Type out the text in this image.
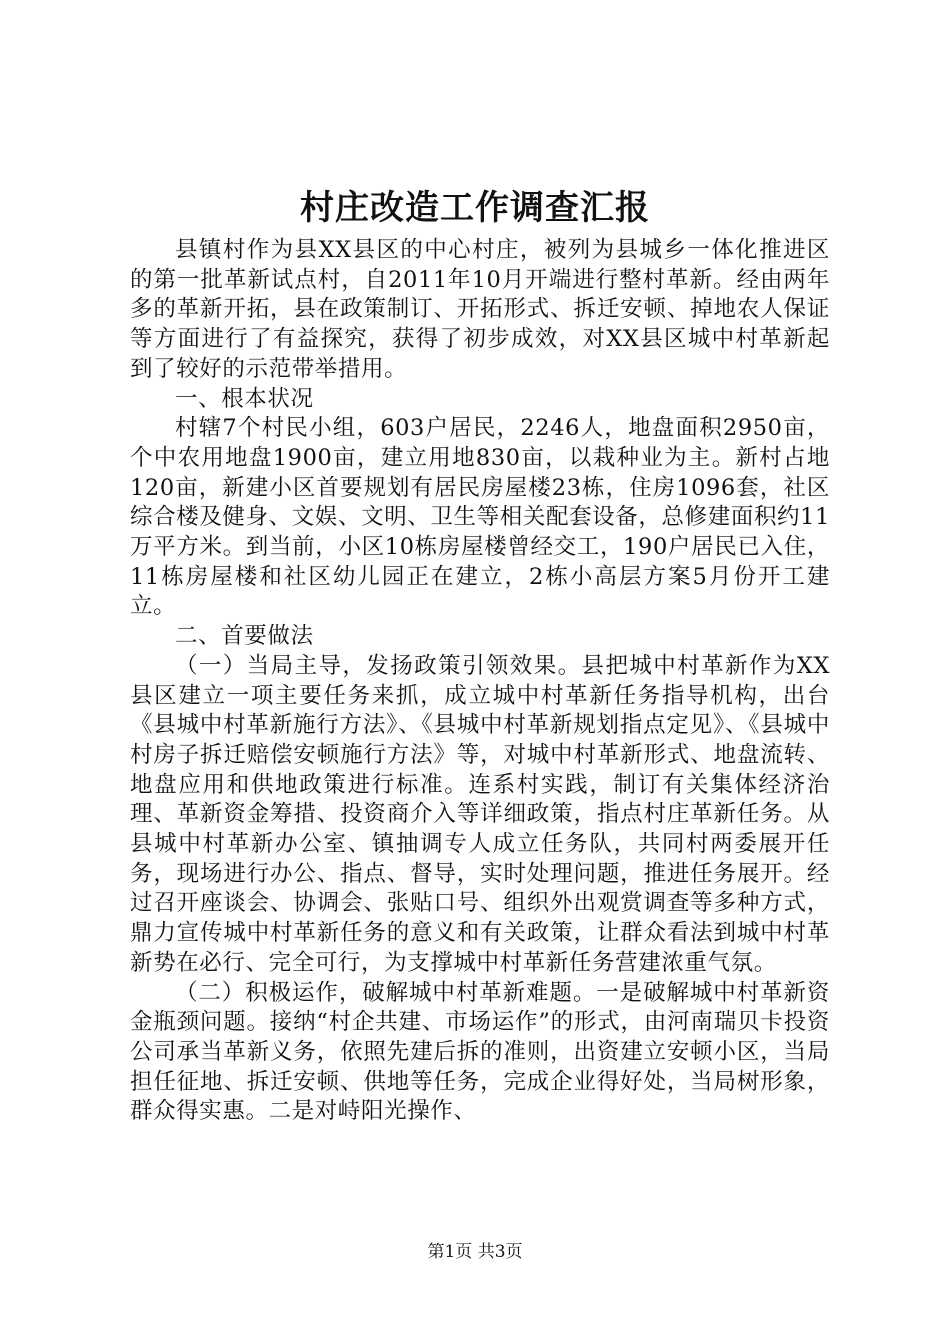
村庄改造工作调查汇报

县镇村作为县XX县区的中心村庄，被列为县城乡一体化推进区的第一批革新试点村，自2011年10月开端进行整村革新。经由两年多的革新开拓，县在政策制订、开拓形式、拆迁安顿、掉地农人保证等方面进行了有益探究，获得了初步成效，对XX县区城中村革新起到了较好的示范带举措用。

一、根本状况

村辖7个村民小组，603户居民，2246人，地盘面积2950亩，个中农用地盘1900亩，建立用地830亩，以栽种业为主。新村占地120亩，新建小区首要规划有居民房屋楼23栋，住房1096套，社区综合楼及健身、文娱、文明、卫生等相关配套设备，总修建面积约11万平方米。到当前，小区10栋房屋楼曾经交工，190户居民已入住，11栋房屋楼和社区幼儿园正在建立，2栋小高层方案5月份开工建立。

二、首要做法

（一）当局主导，发扬政策引领效果。县把城中村革新作为XX县区建立一项主要任务来抓，成立城中村革新任务指导机构，出台《县城中村革新施行方法》、《县城中村革新规划指点定见》、《县城中村房子拆迁赔偿安顿施行方法》等，对城中村革新形式、地盘流转、地盘应用和供地政策进行标准。连系村实践，制订有关集体经济治理、革新资金筹措、投资商介入等详细政策，指点村庄革新任务。从县城中村革新办公室、镇抽调专人成立任务队，共同村两委展开任务，现场进行办公、指点、督导，实时处理问题，推进任务展开。经过召开座谈会、协调会、张贴口号、组织外出观赏调查等多种方式，鼎力宣传城中村革新任务的意义和有关政策，让群众看法到城中村革新势在必行、完全可行，为支撑城中村革新任务营建浓重气氛。

（二）积极运作，破解城中村革新难题。一是破解城中村革新资金瓶颈问题。接纳“村企共建、市场运作”的形式，由河南瑞贝卡投资公司承当革新义务，依照先建后拆的准则，出资建立安顿小区，当局担任征地、拆迁安顿、供地等任务，完成企业得好处，当局树形象，群众得实惠。二是对峙阳光操作、

第1页 共3页
